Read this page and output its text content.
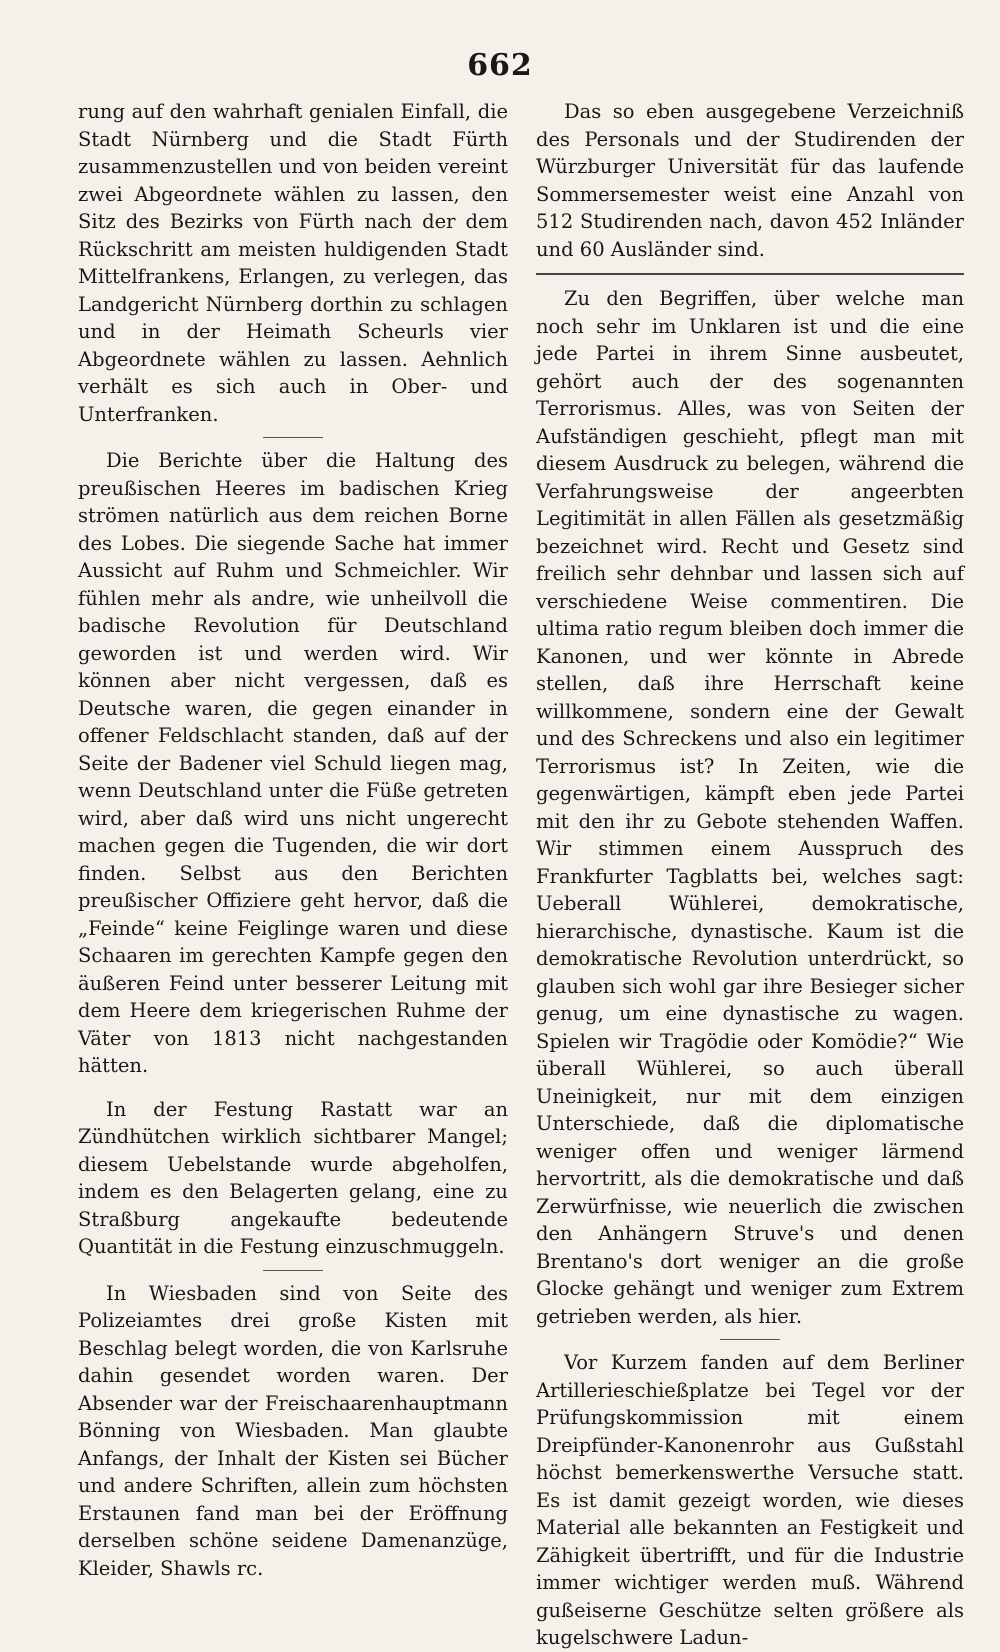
662

rung auf den wahrhaft genialen Einfall, die Stadt Nürnberg und die Stadt Fürth zusammenzustellen und von beiden vereint zwei Abgeordnete wählen zu lassen, den Sitz des Bezirks von Fürth nach der dem Rückschritt am meisten huldigenden Stadt Mittelfrankens, Erlangen, zu verlegen, das Landgericht Nürnberg dorthin zu schlagen und in der Heimath Scheurls vier Abgeordnete wählen zu lassen. Aehnlich verhält es sich auch in Ober- und Unterfranken.

Die Berichte über die Haltung des preußischen Heeres im badischen Krieg strömen natürlich aus dem reichen Borne des Lobes. Die siegende Sache hat immer Aussicht auf Ruhm und Schmeichler. Wir fühlen mehr als andre, wie unheilvoll die badische Revolution für Deutschland geworden ist und werden wird. Wir können aber nicht vergessen, daß es Deutsche waren, die gegen einander in offener Feldschlacht standen, daß auf der Seite der Badener viel Schuld liegen mag, wenn Deutschland unter die Füße getreten wird, aber daß wird uns nicht ungerecht machen gegen die Tugenden, die wir dort finden. Selbst aus den Berichten preußischer Offiziere geht hervor, daß die „Feinde“ keine Feiglinge waren und diese Schaaren im gerechten Kampfe gegen den äußeren Feind unter besserer Leitung mit dem Heere dem kriegerischen Ruhme der Väter von 1813 nicht nachgestanden hätten.

In der Festung Rastatt war an Zündhütchen wirklich sichtbarer Mangel; diesem Uebelstande wurde abgeholfen, indem es den Belagerten gelang, eine zu Straßburg angekaufte bedeutende Quantität in die Festung einzuschmuggeln.

In Wiesbaden sind von Seite des Polizeiamtes drei große Kisten mit Beschlag belegt worden, die von Karlsruhe dahin gesendet worden waren. Der Absender war der Freischaarenhauptmann Bönning von Wiesbaden. Man glaubte Anfangs, der Inhalt der Kisten sei Bücher und andere Schriften, allein zum höchsten Erstaunen fand man bei der Eröffnung derselben schöne seidene Damenanzüge, Kleider, Shawls rc.

Das so eben ausgegebene Verzeichniß des Personals und der Studirenden der Würzburger Universität für das laufende Sommersemester weist eine Anzahl von 512 Studirenden nach, davon 452 Inländer und 60 Ausländer sind.

Zu den Begriffen, über welche man noch sehr im Unklaren ist und die eine jede Partei in ihrem Sinne ausbeutet, gehört auch der des sogenannten Terrorismus. Alles, was von Seiten der Aufständigen geschieht, pflegt man mit diesem Ausdruck zu belegen, während die Verfahrungsweise der angeerbten Legitimität in allen Fällen als gesetzmäßig bezeichnet wird. Recht und Gesetz sind freilich sehr dehnbar und lassen sich auf verschiedene Weise commentiren. Die ultima ratio regum bleiben doch immer die Kanonen, und wer könnte in Abrede stellen, daß ihre Herrschaft keine willkommene, sondern eine der Gewalt und des Schreckens und also ein legitimer Terrorismus ist? In Zeiten, wie die gegenwärtigen, kämpft eben jede Partei mit den ihr zu Gebote stehenden Waffen. Wir stimmen einem Ausspruch des Frankfurter Tagblatts bei, welches sagt: Ueberall Wühlerei, demokratische, hierarchische, dynastische. Kaum ist die demokratische Revolution unterdrückt, so glauben sich wohl gar ihre Besieger sicher genug, um eine dynastische zu wagen. Spielen wir Tragödie oder Komödie?“ Wie überall Wühlerei, so auch überall Uneinigkeit, nur mit dem einzigen Unterschiede, daß die diplomatische weniger offen und weniger lärmend hervortritt, als die demokratische und daß Zerwürfnisse, wie neuerlich die zwischen den Anhängern Struve's und denen Brentano's dort weniger an die große Glocke gehängt und weniger zum Extrem getrieben werden, als hier.

Vor Kurzem fanden auf dem Berliner Artillerieschießplatze bei Tegel vor der Prüfungskommission mit einem Dreipfünder-Kanonenrohr aus Gußstahl höchst bemerkenswerthe Versuche statt. Es ist damit gezeigt worden, wie dieses Material alle bekannten an Festigkeit und Zähigkeit übertrifft, und für die Industrie immer wichtiger werden muß. Während gußeiserne Geschütze selten größere als kugelschwere Ladun-
